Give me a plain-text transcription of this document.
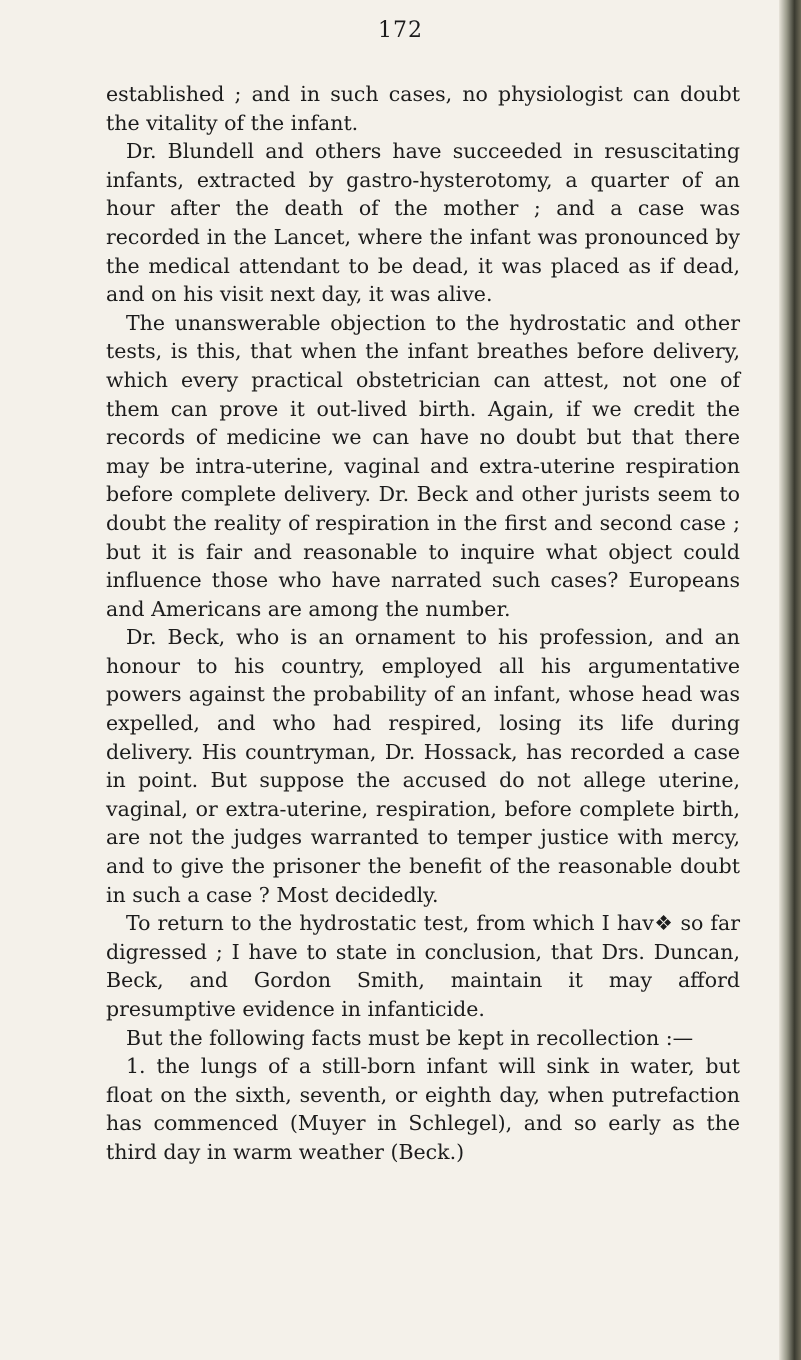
172

established ; and in such cases, no physiologist can doubt the vitality of the infant.

Dr. Blundell and others have succeeded in resuscitating infants, extracted by gastro-hysterotomy, a quarter of an hour after the death of the mother ; and a case was recorded in the Lancet, where the infant was pronounced by the medical attendant to be dead, it was placed as if dead, and on his visit next day, it was alive.

The unanswerable objection to the hydrostatic and other tests, is this, that when the infant breathes before delivery, which every practical obstetrician can attest, not one of them can prove it out-lived birth. Again, if we credit the records of medicine we can have no doubt but that there may be intra-uterine, vaginal and extra-uterine respiration before complete delivery. Dr. Beck and other jurists seem to doubt the reality of respiration in the first and second case ; but it is fair and reasonable to inquire what object could influence those who have narrated such cases? Europeans and Americans are among the number.

Dr. Beck, who is an ornament to his profession, and an honour to his country, employed all his argumentative powers against the probability of an infant, whose head was expelled, and who had respired, losing its life during delivery. His countryman, Dr. Hossack, has recorded a case in point. But suppose the accused do not allege uterine, vaginal, or extra-uterine, respiration, before complete birth, are not the judges warranted to temper justice with mercy, and to give the prisoner the benefit of the reasonable doubt in such a case ? Most decidedly.

To return to the hydrostatic test, from which I hav❖ so far digressed ; I have to state in conclusion, that Drs. Duncan, Beck, and Gordon Smith, maintain it may afford presumptive evidence in infanticide.

But the following facts must be kept in recollection :—

1. the lungs of a still-born infant will sink in water, but float on the sixth, seventh, or eighth day, when putrefaction has commenced (Muyer in Schlegel), and so early as the third day in warm weather (Beck.)
